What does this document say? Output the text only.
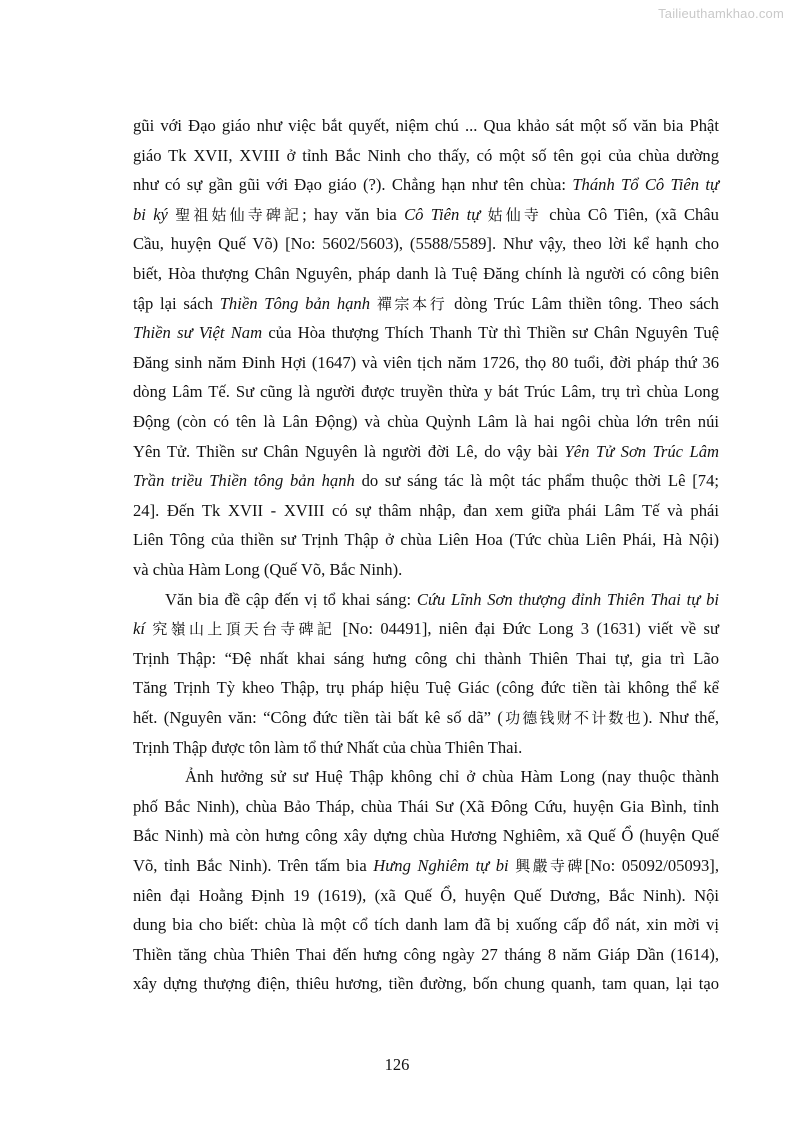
Tailieuthamkhao.com
gũi với Đạo giáo như việc bắt quyết, niệm chú ... Qua khảo sát một số văn bia Phật
giáo Tk XVII, XVIII ở tỉnh Bắc Ninh cho thấy, có một số tên gọi của chùa dường
như có sự gần gũi với Đạo giáo (?). Chẳng hạn như tên chùa: Thánh Tổ Cô Tiên tự
bi ký 聖祖姑仙寺碑記; hay văn bia Cô Tiên tự 姑仙寺 chùa Cô Tiên, (xã Châu
Cầu, huyện Quế Võ) [No: 5602/5603), (5588/5589]. Như vậy, theo lời kể hạnh cho
biết, Hòa thượng Chân Nguyên, pháp danh là Tuệ Đăng chính là người có công biên
tập lại sách Thiền Tông bản hạnh 禪宗本行 dòng Trúc Lâm thiền tông. Theo sách
Thiền sư Việt Nam của Hòa thượng Thích Thanh Từ thì Thiền sư Chân Nguyên Tuệ
Đăng sinh năm Đinh Hợi (1647) và viên tịch năm 1726, thọ 80 tuổi, đời pháp thứ 36
dòng Lâm Tế. Sư cũng là người được truyền thừa y bát Trúc Lâm, trụ trì chùa Long
Động (còn có tên là Lân Động) và chùa Quỳnh Lâm là hai ngôi chùa lớn trên núi
Yên Tử. Thiền sư Chân Nguyên là người đời Lê, do vậy bài Yên Tử Sơn Trúc Lâm
Trần triều Thiền tông bản hạnh do sư sáng tác là một tác phẩm thuộc thời Lê [74;
24]. Đến Tk XVII - XVIII có sự thâm nhập, đan xem giữa phái Lâm Tế và phái
Liên Tông của thiền sư Trịnh Thập ở chùa Liên Hoa (Tức chùa Liên Phái, Hà Nội)
và chùa Hàm Long (Quế Võ, Bắc Ninh).
Văn bia đề cập đến vị tổ khai sáng: Cứu Lĩnh Sơn thượng đỉnh Thiên Thai tự bi
kí 究嶺山上頂天台寺碑記 [No: 04491], niên đại Đức Long 3 (1631) viết về sư
Trịnh Thập: “Đệ nhất khai sáng hưng công chi thành Thiên Thai tự, gia trì Lão
Tăng Trịnh Tỳ kheo Thập, trụ pháp hiệu Tuệ Giác (công đức tiền tài không thể kể
hết. (Nguyên văn: “Công đức tiền tài bất kê số dã” (功德钱财不计数也). Như thế,
Trịnh Thập được tôn làm tổ thứ Nhất của chùa Thiên Thai.
Ảnh hưởng sử sư Huệ Thập không chỉ ở chùa Hàm Long (nay thuộc thành
phố Bắc Ninh), chùa Bảo Tháp, chùa Thái Sư (Xã Đông Cứu, huyện Gia Bình, tỉnh
Bắc Ninh) mà còn hưng công xây dựng chùa Hương Nghiêm, xã Quế Ổ (huyện Quế
Võ, tỉnh Bắc Ninh). Trên tấm bia Hưng Nghiêm tự bi 興嚴寺碑[No: 05092/05093],
niên đại Hoằng Định 19 (1619), (xã Quế Ổ, huyện Quế Dương, Bắc Ninh). Nội
dung bia cho biết: chùa là một cổ tích danh lam đã bị xuống cấp đổ nát, xin mời vị
Thiền tăng chùa Thiên Thai đến hưng công ngày 27 tháng 8 năm Giáp Dần (1614),
xây dựng thượng điện, thiêu hương, tiền đường, bốn chung quanh, tam quan, lại tạo
126
